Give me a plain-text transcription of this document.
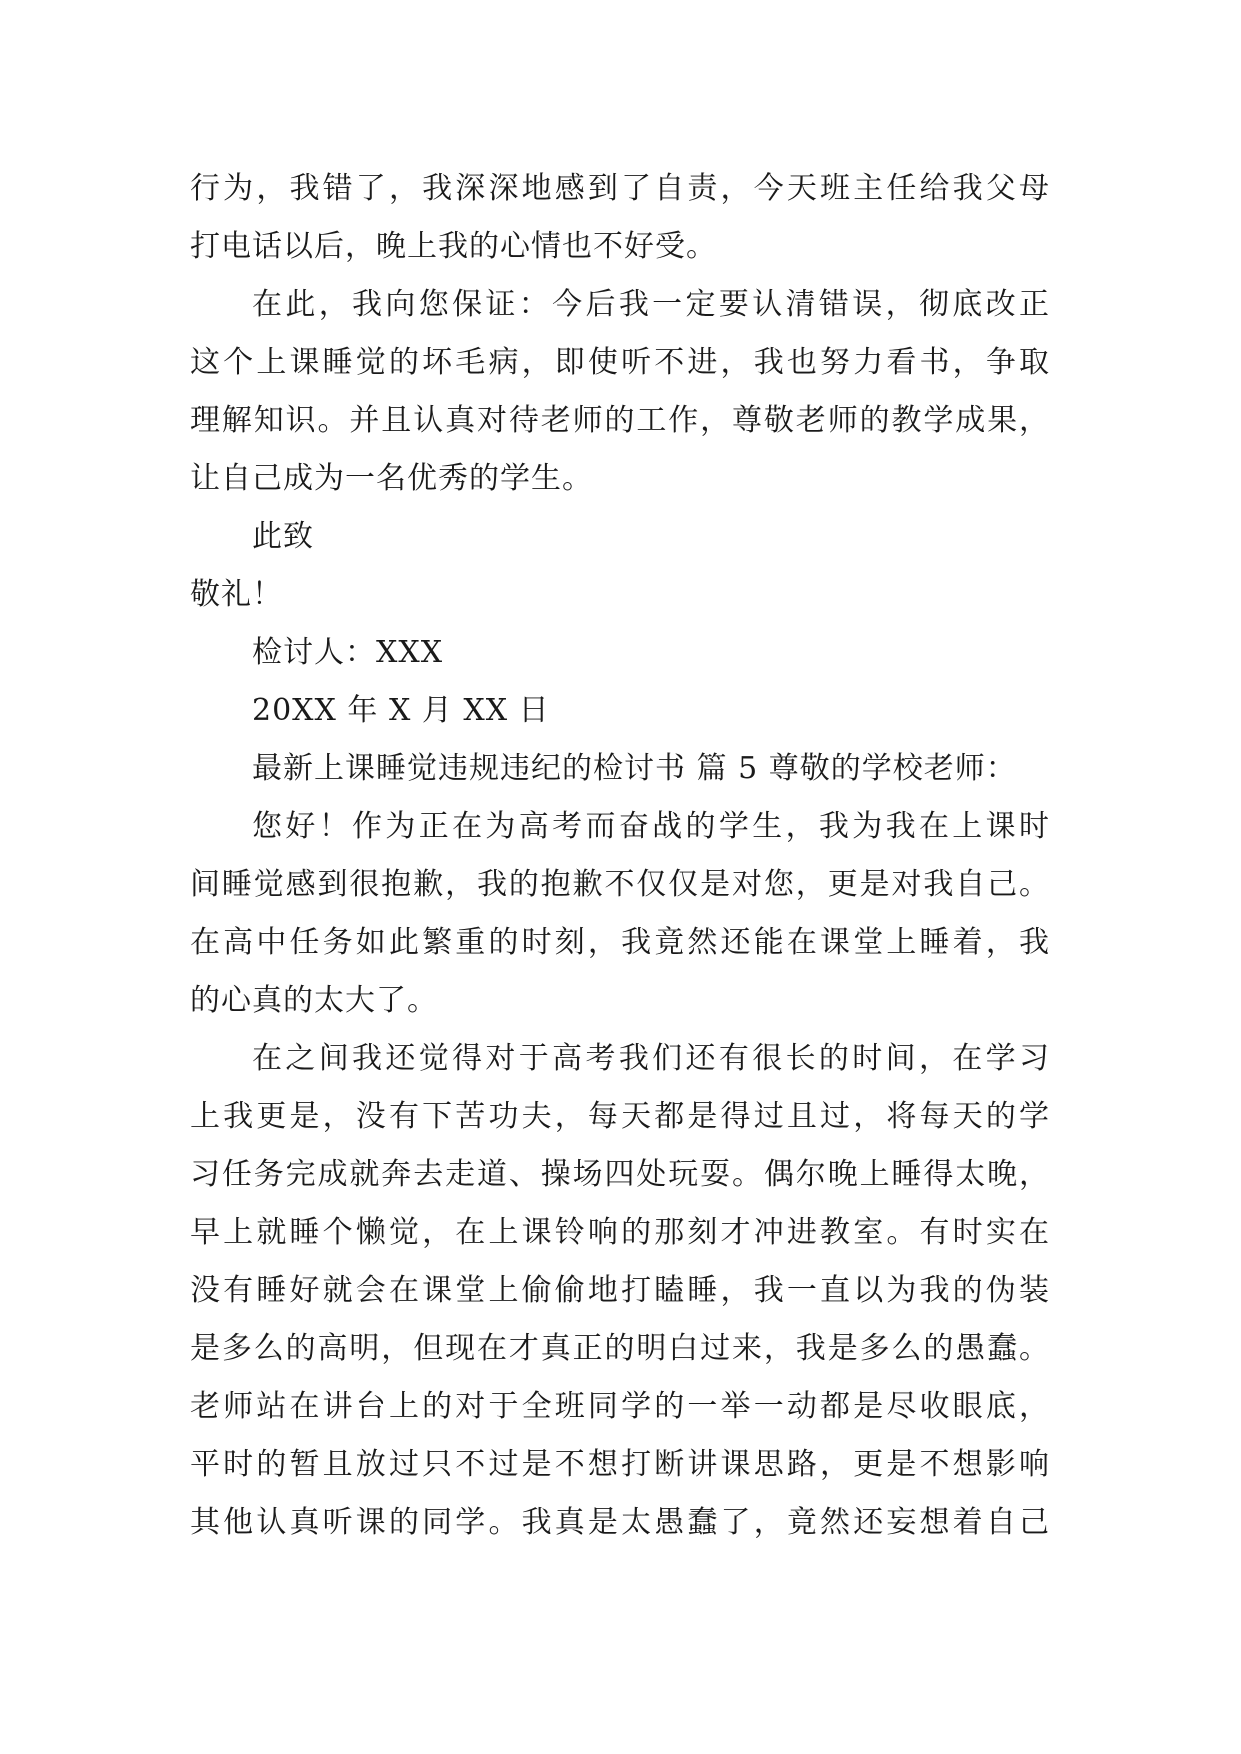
行为，我错了，我深深地感到了自责，今天班主任给我父母
打电话以后，晚上我的心情也不好受。
在此，我向您保证：今后我一定要认清错误，彻底改正
这个上课睡觉的坏毛病，即使听不进，我也努力看书，争取
理解知识。并且认真对待老师的工作，尊敬老师的教学成果，
让自己成为一名优秀的学生。
此致
敬礼！
检讨人：XXX
20XX 年 X 月 XX 日
最新上课睡觉违规违纪的检讨书 篇 5 尊敬的学校老师：
您好！作为正在为高考而奋战的学生，我为我在上课时
间睡觉感到很抱歉，我的抱歉不仅仅是对您，更是对我自己。
在高中任务如此繁重的时刻，我竟然还能在课堂上睡着，我
的心真的太大了。
在之间我还觉得对于高考我们还有很长的时间，在学习
上我更是，没有下苦功夫，每天都是得过且过，将每天的学
习任务完成就奔去走道、操场四处玩耍。偶尔晚上睡得太晚，
早上就睡个懒觉，在上课铃响的那刻才冲进教室。有时实在
没有睡好就会在课堂上偷偷地打瞌睡，我一直以为我的伪装
是多么的高明，但现在才真正的明白过来，我是多么的愚蠢。
老师站在讲台上的对于全班同学的一举一动都是尽收眼底，
平时的暂且放过只不过是不想打断讲课思路，更是不想影响
其他认真听课的同学。我真是太愚蠢了，竟然还妄想着自己
